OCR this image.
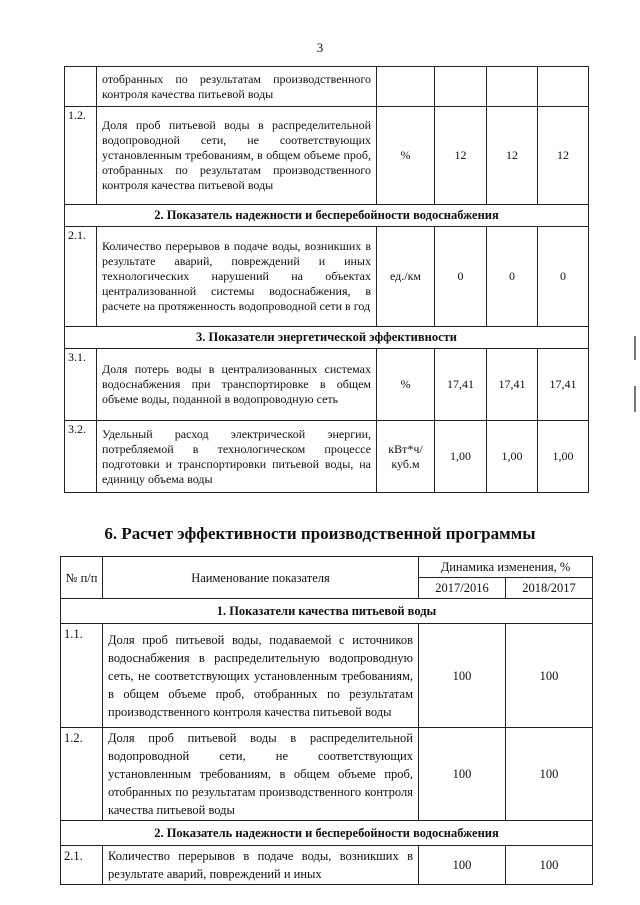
3
	отобранных по результатам производственного контроля качества питьевой воды				
1.2.	Доля проб питьевой воды в распределительной водопроводной сети, не соответствующих установленным требованиям, в общем объеме проб, отобранных по результатам производственного контроля качества питьевой воды	%	12	12	12
2. Показатель надежности и бесперебойности водоснабжения					
2.1.	Количество перерывов в подаче воды, возникших в результате аварий, повреждений и иных технологических нарушений на объектах централизованной системы водоснабжения, в расчете на протяженность водопроводной сети в год	ед./км	0	0	0
3. Показатели энергетической эффективности					
3.1.	Доля потерь воды в централизованных системах водоснабжения при транспортировке в общем объеме воды, поданной в водопроводную сеть	%	17,41	17,41	17,41
3.2.	Удельный расход электрической энергии, потребляемой в технологическом процессе подготовки и транспортировки питьевой воды, на единицу объема воды	кВт*ч/ куб.м	1,00	1,00	1,00
6. Расчет эффективности производственной программы
№ п/п	Наименование показателя	Динамика изменения, %	
		2017/2016	2018/2017
1. Показатели качества питьевой воды			
1.1.	Доля проб питьевой воды, подаваемой с источников водоснабжения в распределительную водопроводную сеть, не соответствующих установленным требованиям, в общем объеме проб, отобранных по результатам производственного контроля качества питьевой воды	100	100
1.2.	Доля проб питьевой воды в распределительной водопроводной сети, не соответствующих установленным требованиям, в общем объеме проб, отобранных по результатам производственного контроля качества питьевой воды	100	100
2. Показатель надежности и бесперебойности водоснабжения			
2.1.	Количество перерывов в подаче воды, возникших в результате аварий, повреждений и иных	100	100
